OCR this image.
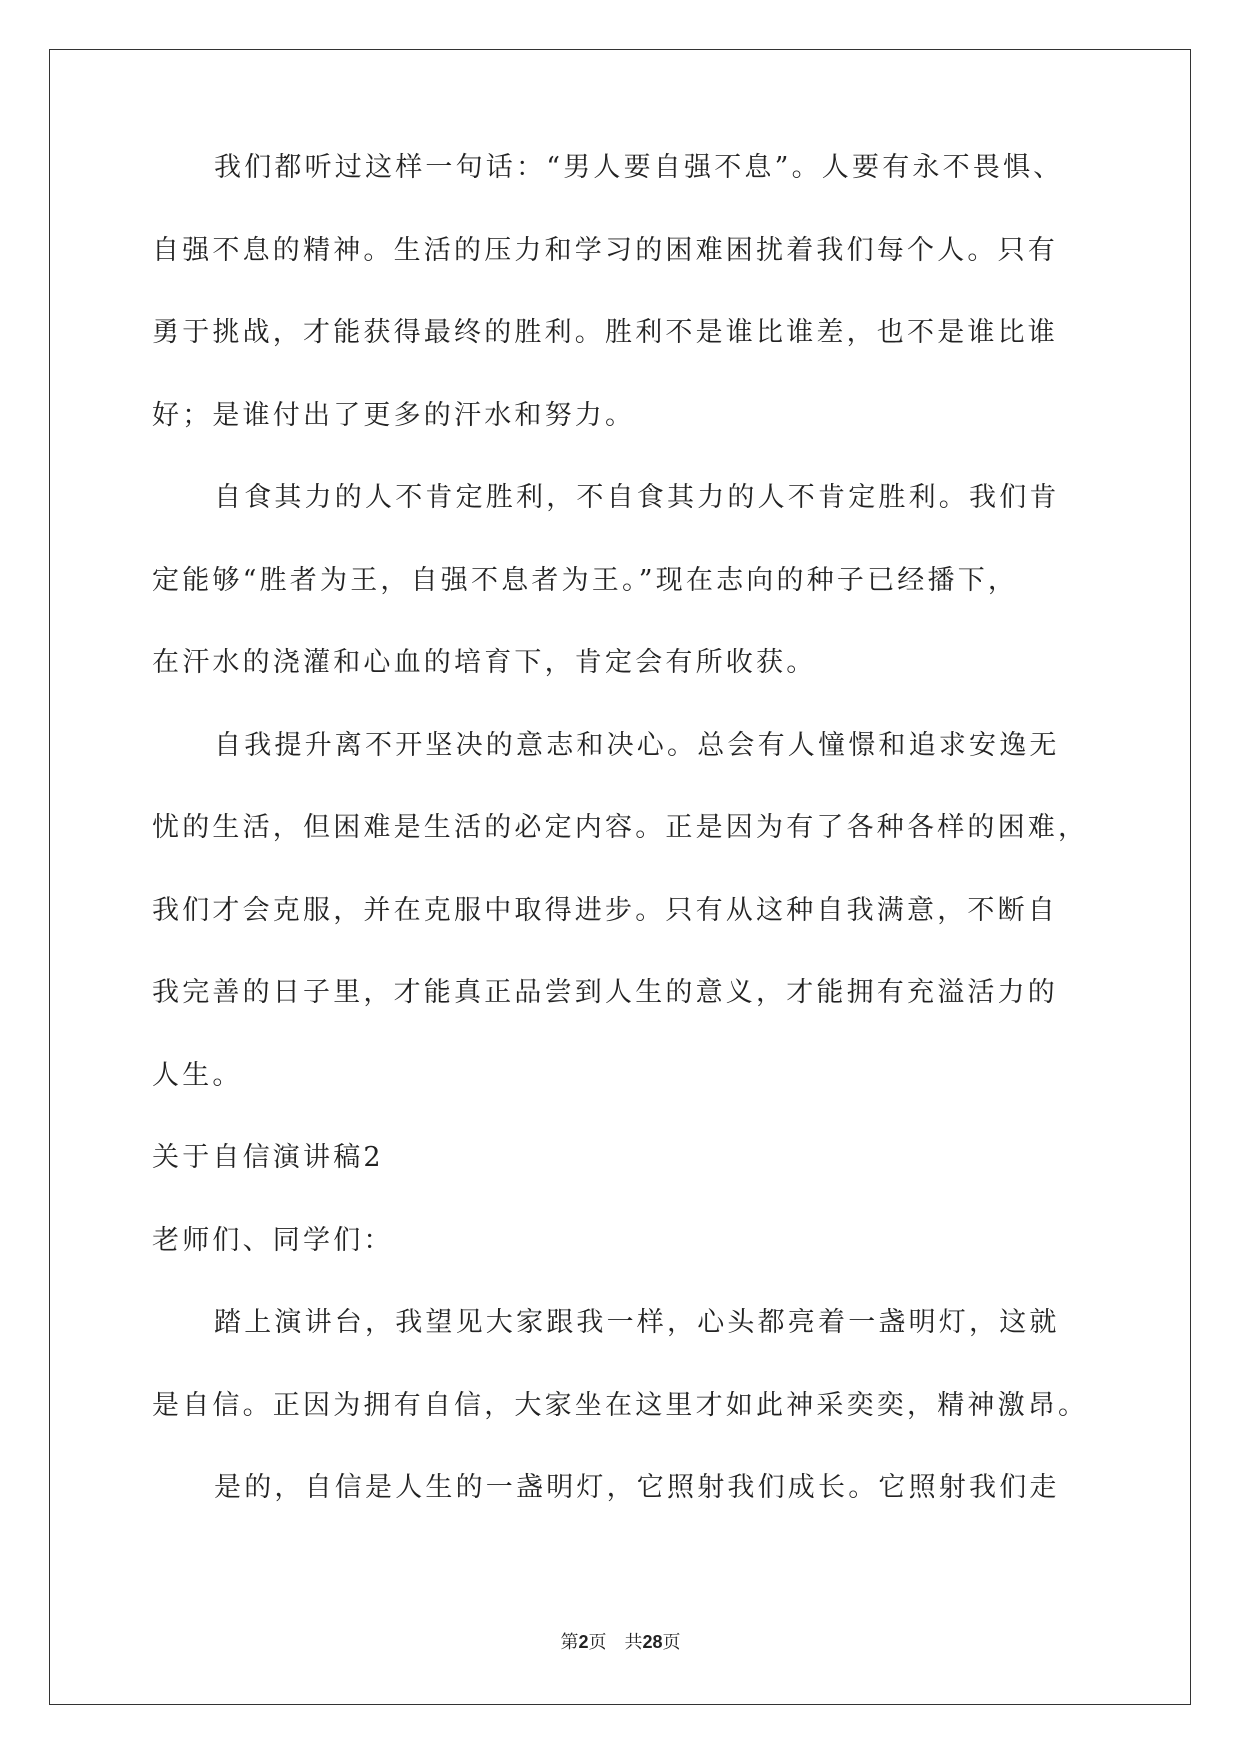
我们都听过这样一句话：“男人要自强不息”。人要有永不畏惧、
自强不息的精神。生活的压力和学习的困难困扰着我们每个人。只有
勇于挑战，才能获得最终的胜利。胜利不是谁比谁差，也不是谁比谁
好；是谁付出了更多的汗水和努力。
自食其力的人不肯定胜利，不自食其力的人不肯定胜利。我们肯
定能够“胜者为王，自强不息者为王。”现在志向的种子已经播下，
在汗水的浇灌和心血的培育下，肯定会有所收获。
自我提升离不开坚决的意志和决心。总会有人憧憬和追求安逸无
忧的生活，但困难是生活的必定内容。正是因为有了各种各样的困难，
我们才会克服，并在克服中取得进步。只有从这种自我满意，不断自
我完善的日子里，才能真正品尝到人生的意义，才能拥有充溢活力的
人生。
关于自信演讲稿2
老师们、同学们：
踏上演讲台，我望见大家跟我一样，心头都亮着一盏明灯，这就
是自信。正因为拥有自信，大家坐在这里才如此神采奕奕，精神激昂。
是的，自信是人生的一盏明灯，它照射我们成长。它照射我们走
第2页 共28页
